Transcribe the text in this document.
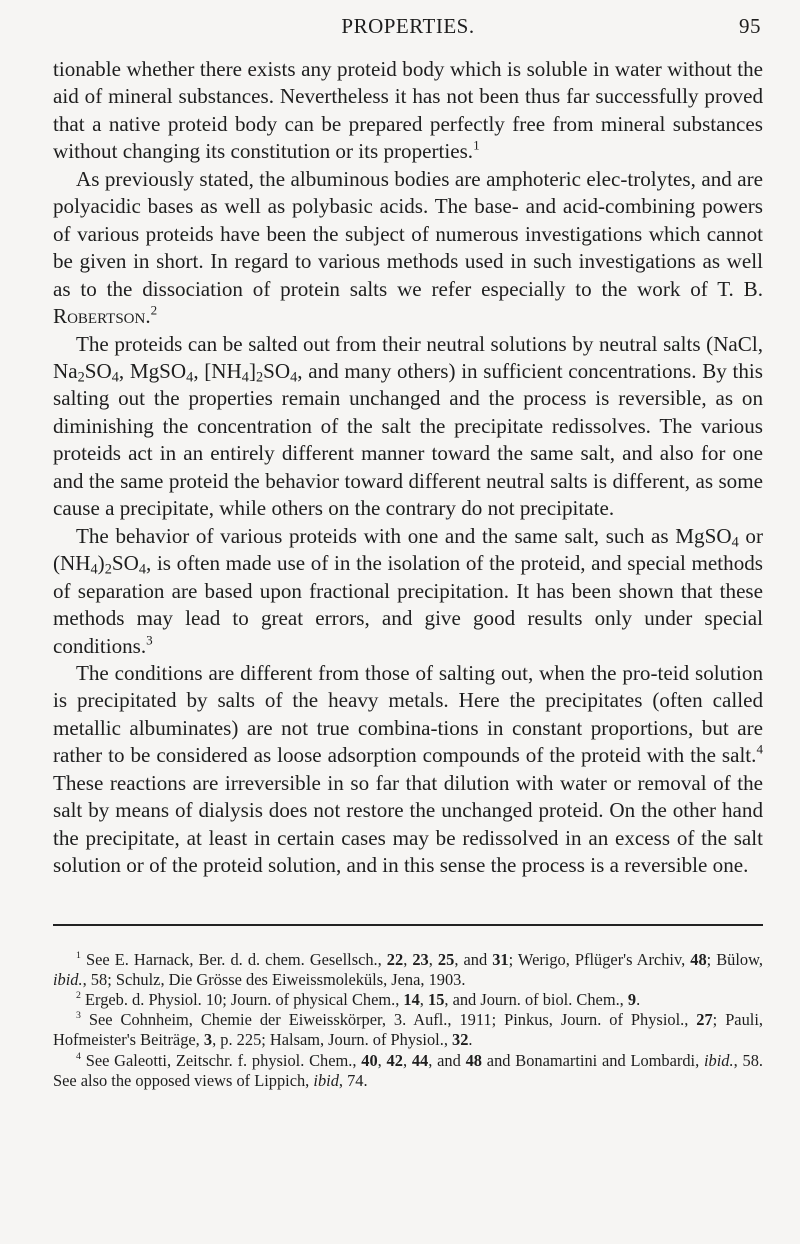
PROPERTIES.	95

tionable whether there exists any proteid body which is soluble in water without the aid of mineral substances. Nevertheless it has not been thus far successfully proved that a native proteid body can be prepared perfectly free from mineral substances without changing its constitution or its properties.$^1$

As previously stated, the albuminous bodies are amphoteric elec-trolytes, and are polyacidic bases as well as polybasic acids. The base- and acid-combining powers of various proteids have been the subject of numerous investigations which cannot be given in short. In regard to various methods used in such investigations as well as to the dissociation of protein salts we refer especially to the work of T. B. Robertson.$^2$

The proteids can be salted out from their neutral solutions by neutral salts (NaCl, $Na_2SO_4$, MgSO$_4$, $[NH_4]_2SO_4$, and many others) in sufficient concentrations. By this salting out the properties remain unchanged and the process is reversible, as on diminishing the concentration of the salt the precipitate redissolves. The various proteids act in an entirely different manner toward the same salt, and also for one and the same proteid the behavior toward different neutral salts is different, as some cause a precipitate, while others on the contrary do not precipitate.

The behavior of various proteids with one and the same salt, such as MgSO$_4$ or $(NH_4)_2SO_4$, is often made use of in the isolation of the proteid, and special methods of separation are based upon fractional precipitation. It has been shown that these methods may lead to great errors, and give good results only under special conditions.$^3$

The conditions are different from those of salting out, when the pro-teid solution is precipitated by salts of the heavy metals. Here the precipitates (often called metallic albuminates) are not true combina-tions in constant proportions, but are rather to be considered as loose adsorption compounds of the proteid with the salt.$^4$ These reactions are irreversible in so far that dilution with water or removal of the salt by means of dialysis does not restore the unchanged proteid. On the other hand the precipitate, at least in certain cases may be redissolved in an excess of the salt solution or of the proteid solution, and in this sense the process is a reversible one.

$^1$ See E. Harnack, Ber. d. d. chem. Gesellsch., 22, 23, 25, and 31; Werigo, Pflüger's Archiv, 48; Bülow, ibid., 58; Schulz, Die Grösse des Eiweissmoleküls, Jena, 1903.

$^2$ Ergeb. d. Physiol. 10; Journ. of physical Chem., 14, 15, and Journ. of biol. Chem., 9.

$^3$ See Cohnheim, Chemie der Eiweisskörper, 3. Aufl., 1911; Pinkus, Journ. of Physiol., 27; Pauli, Hofmeister's Beiträge, 3, p. 225; Halsam, Journ. of Physiol., 32.

$^4$ See Galeotti, Zeitschr. f. physiol. Chem., 40, 42, 44, and 48 and Bonamartini and Lombardi, ibid., 58. See also the opposed views of Lippich, ibid, 74.
